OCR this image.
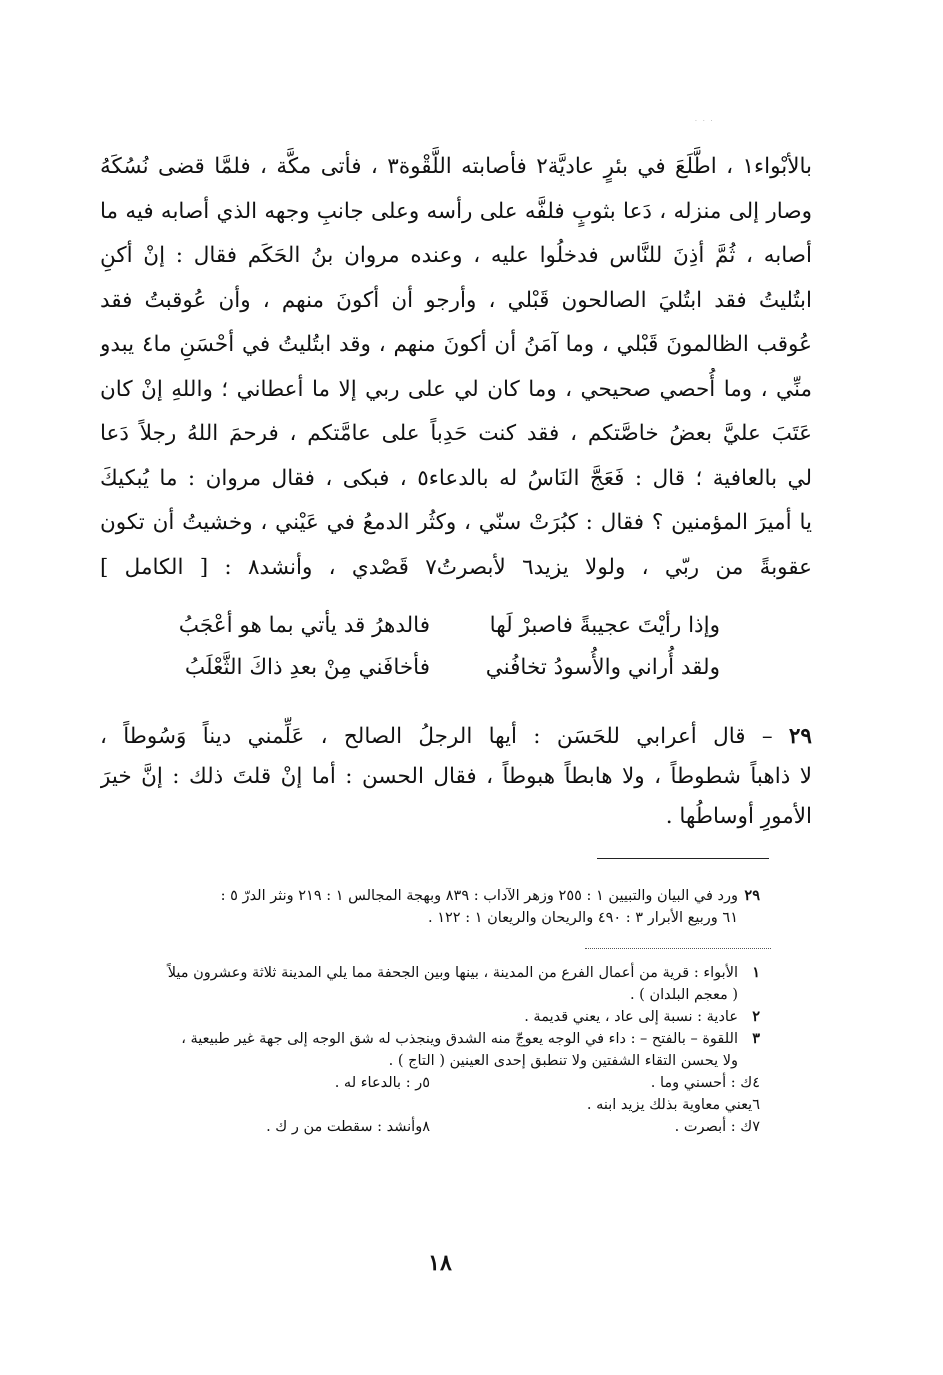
· · ·
بالأبْواء١ ، اطَّلَعَ في بئرٍ عاديَّة٢ فأصابته اللَّقْوة٣ ، فأتى مكَّة ، فلمَّا قضى نُسُكَهُ
وصار إلى منزله ، دَعا بثوبٍ فلفَّه على رأسه وعلى جانبِ وجهه الذي أصابه فيه ما
أصابه ، ثُمَّ أذِنَ للنَّاس فدخلُوا عليه ، وعنده مروان بنُ الحَكَم فقال : إنْ أكنِ
ابتُليتُ فقد ابتُليَ الصالحون قَبْلي ، وأرجو أن أكونَ منهم ، وأن عُوقبتُ فقد
عُوقب الظالمونَ قَبْلي ، وما آمَنُ أن أكونَ منهم ، وقد ابتُليتُ في أحْسَنِ ما٤ يبدو
منِّي ، وما أُحصي صحيحي ، وما كان لي على ربي إلا ما أعطاني ؛ واللهِ إنْ كان
عَتَبَ عليَّ بعضُ خاصَّتكم ، فقد كنت حَدِباً على عامَّتكم ، فرحمَ اللهُ رجلاً دَعا
لي بالعافية ؛ قال : فَعَجَّ النَاسُ له بالدعاء٥ ، فبكى ، فقال مروان : ما يُبكيكَ
يا أميرَ المؤمنين ؟ فقال : كبُرَتْ سنّي ، وكثُر الدمعُ في عَيْني ، وخشيتُ أن تكون
عقوبةً من ربّي ، ولولا يزيد٦ لأبصرتُ٧ قَصْدي ، وأنشد٨ : [ الكامل ]
وإذا رأيْتَ عجيبةً فاصبرْ لَها
فالدهرُ قد يأتي بما هو أعْجَبُ
ولقد أُراني والأُسودُ تخافُني
فأخافَني مِنْ بعدِ ذاكَ الثَّعْلَبُ
٢٩ – قال أعرابي للحَسَن : أيها الرجلُ الصالح ، عَلِّمني ديناً وَسُوطاً ،
لا ذاهباً شطوطاً ، ولا هابطاً هبوطاً ، فقال الحسن : أما إنْ قلتَ ذلك : إنَّ خيرَ
الأمورِ أوساطُها .
٢٩ورد في البيان والتبيين ١ : ٢٥٥ وزهر الآداب : ٨٣٩ وبهجة المجالس ١ : ٢١٩ ونثر الدرّ ٥ :
٦١ وربيع الأبرار ٣ : ٤٩٠ والريحان والريعان ١ : ١٢٢ .
١الأبواء : قرية من أعمال الفرع من المدينة ، بينها وبين الجحفة مما يلي المدينة ثلاثة وعشرون ميلاً
( معجم البلدان ) .
٢عادية : نسبة إلى عاد ، يعني قديمة .
٣اللقوة – بالفتح – : داء في الوجه يعوجّ منه الشدق وينجذب له شق الوجه إلى جهة غير طبيعية ،
ولا يحسن التقاء الشفتين ولا تنطبق إحدى العينين ( التاج ) .
٤ك : أحسني وما .
٥ر : بالدعاء له .
٦يعني معاوية بذلك يزيد ابنه .
٧ك : أبصرت .
٨وأنشد : سقطت من ر ك .
١٨
